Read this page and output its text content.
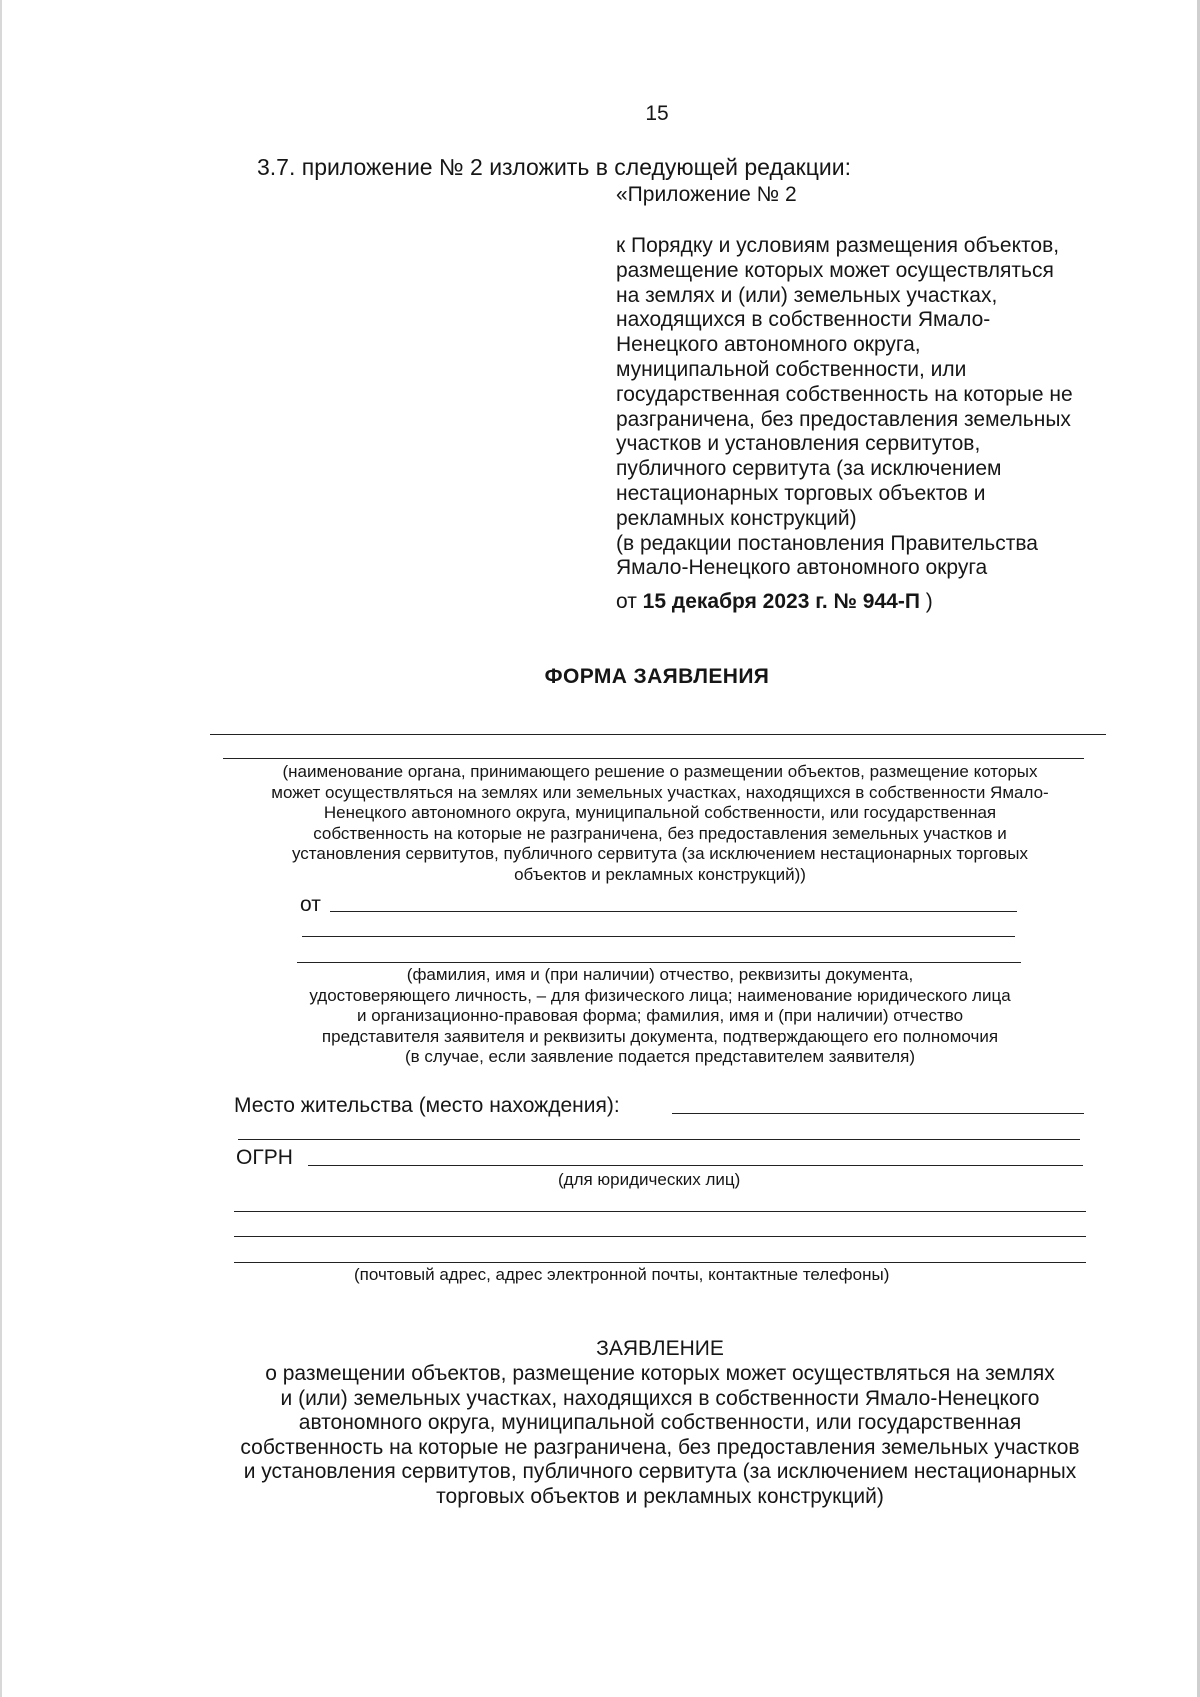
15

3.7. приложение № 2 изложить в следующей редакции:

«Приложение № 2

к Порядку и условиям размещения объектов,
размещение которых может осуществляться
на землях и (или) земельных участках,
находящихся в собственности Ямало-
Ненецкого автономного округа,
муниципальной собственности, или
государственная собственность на которые не
разграничена, без предоставления земельных
участков и установления сервитутов,
публичного сервитута (за исключением
нестационарных торговых объектов и
рекламных конструкций)
(в редакции постановления Правительства
Ямало-Ненецкого автономного округа

от 15 декабря 2023 г. № 944-П )

ФОРМА ЗАЯВЛЕНИЯ

(наименование органа, принимающего решение о размещении объектов, размещение которых
может осуществляться на землях или земельных участках, находящихся в собственности Ямало-
Ненецкого автономного округа, муниципальной собственности, или государственная
собственность на которые не разграничена, без предоставления земельных участков и
установления сервитутов, публичного сервитута (за исключением нестационарных торговых
объектов и рекламных конструкций))
от
(фамилия, имя и (при наличии) отчество, реквизиты документа,
удостоверяющего личность, – для физического лица; наименование юридического лица
и организационно-правовая форма; фамилия, имя и (при наличии) отчество
представителя заявителя и реквизиты документа, подтверждающего его полномочия
(в случае, если заявление подается представителем заявителя)
Место жительства (место нахождения):
ОГРН
(для юридических лиц)
(почтовый адрес, адрес электронной почты, контактные телефоны)

ЗАЯВЛЕНИЕ

о размещении объектов, размещение которых может осуществляться на землях
и (или) земельных участках, находящихся в собственности Ямало-Ненецкого
автономного округа, муниципальной собственности, или государственная
собственность на которые не разграничена, без предоставления земельных участков
и установления сервитутов, публичного сервитута (за исключением нестационарных
торговых объектов и рекламных конструкций)
